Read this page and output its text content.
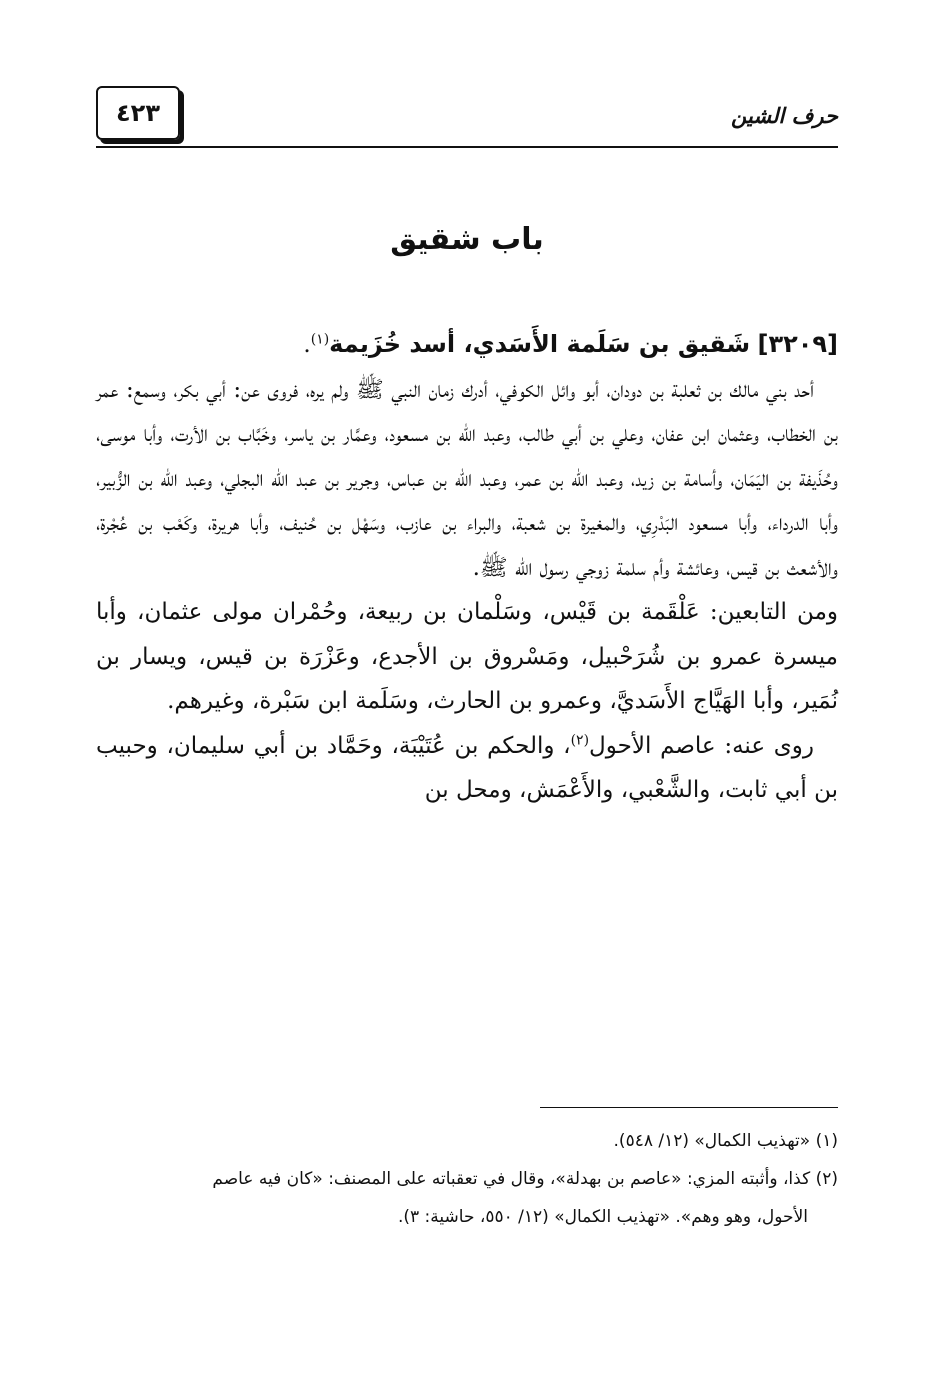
٤٢٣	حرف الشين
باب شقيق

[٣٢٠٩] شَقيق بن سَلَمة الأَسَدي، أسد خُزَيمة$^{(١)}$.

أحد بني مالك بن ثعلبة بن دودان، أبو وائل الكوفي، أدرك زمان النبي ﷺ ولم يره، فروى عن: أبي بكر، وسمع: عمر بن الخطاب، وعثمان ابن عفان، وعلي بن أبي طالب، وعبد الله بن مسعود، وعمَّار بن ياسر، وخَبَّاب بن الأرت، وأبا موسى، وحُذَيفة بن اليَمَان، وأسامة بن زيد، وعبد الله بن عمر، وعبد الله بن عباس، وجرير بن عبد الله البجلي، وعبد الله بن الزُّبير، وأبا الدرداء، وأبا مسعود البَدْرِي، والمغيرة بن شعبة، والبراء بن عازب، وسَهْل بن حُنيف، وأبا هريرة، وكَعْب بن عُجْرة، والأشعث بن قيس، وعائشة وأم سلمة زوجي رسول الله ﷺ.

ومن التابعين: عَلْقَمة بن قَيْس، وسَلْمان بن ربيعة، وحُمْران مولى عثمان، وأبا ميسرة عمرو بن شُرَحْبيل، ومَسْروق بن الأجدع، وعَزْرَة بن قيس، ويسار بن نُمَير، وأبا الهَيَّاج الأَسَديَّ، وعمرو بن الحارث، وسَلَمة ابن سَبْرة، وغيرهم.

روى عنه: عاصم الأحول$^{(٢)}$، والحكم بن عُتَيْبَة، وحَمَّاد بن أبي سليمان، وحبيب بن أبي ثابت، والشَّعْبي، والأَعْمَش، ومحل بن

(١) «تهذيب الكمال» (١٢/ ٥٤٨).

(٢) كذا، وأثبته المزي: «عاصم بن بهدلة»، وقال في تعقباته على المصنف: «كان فيه عاصم

الأحول، وهو وهم». «تهذيب الكمال» (١٢/ ٥٥٠، حاشية: ٣).
